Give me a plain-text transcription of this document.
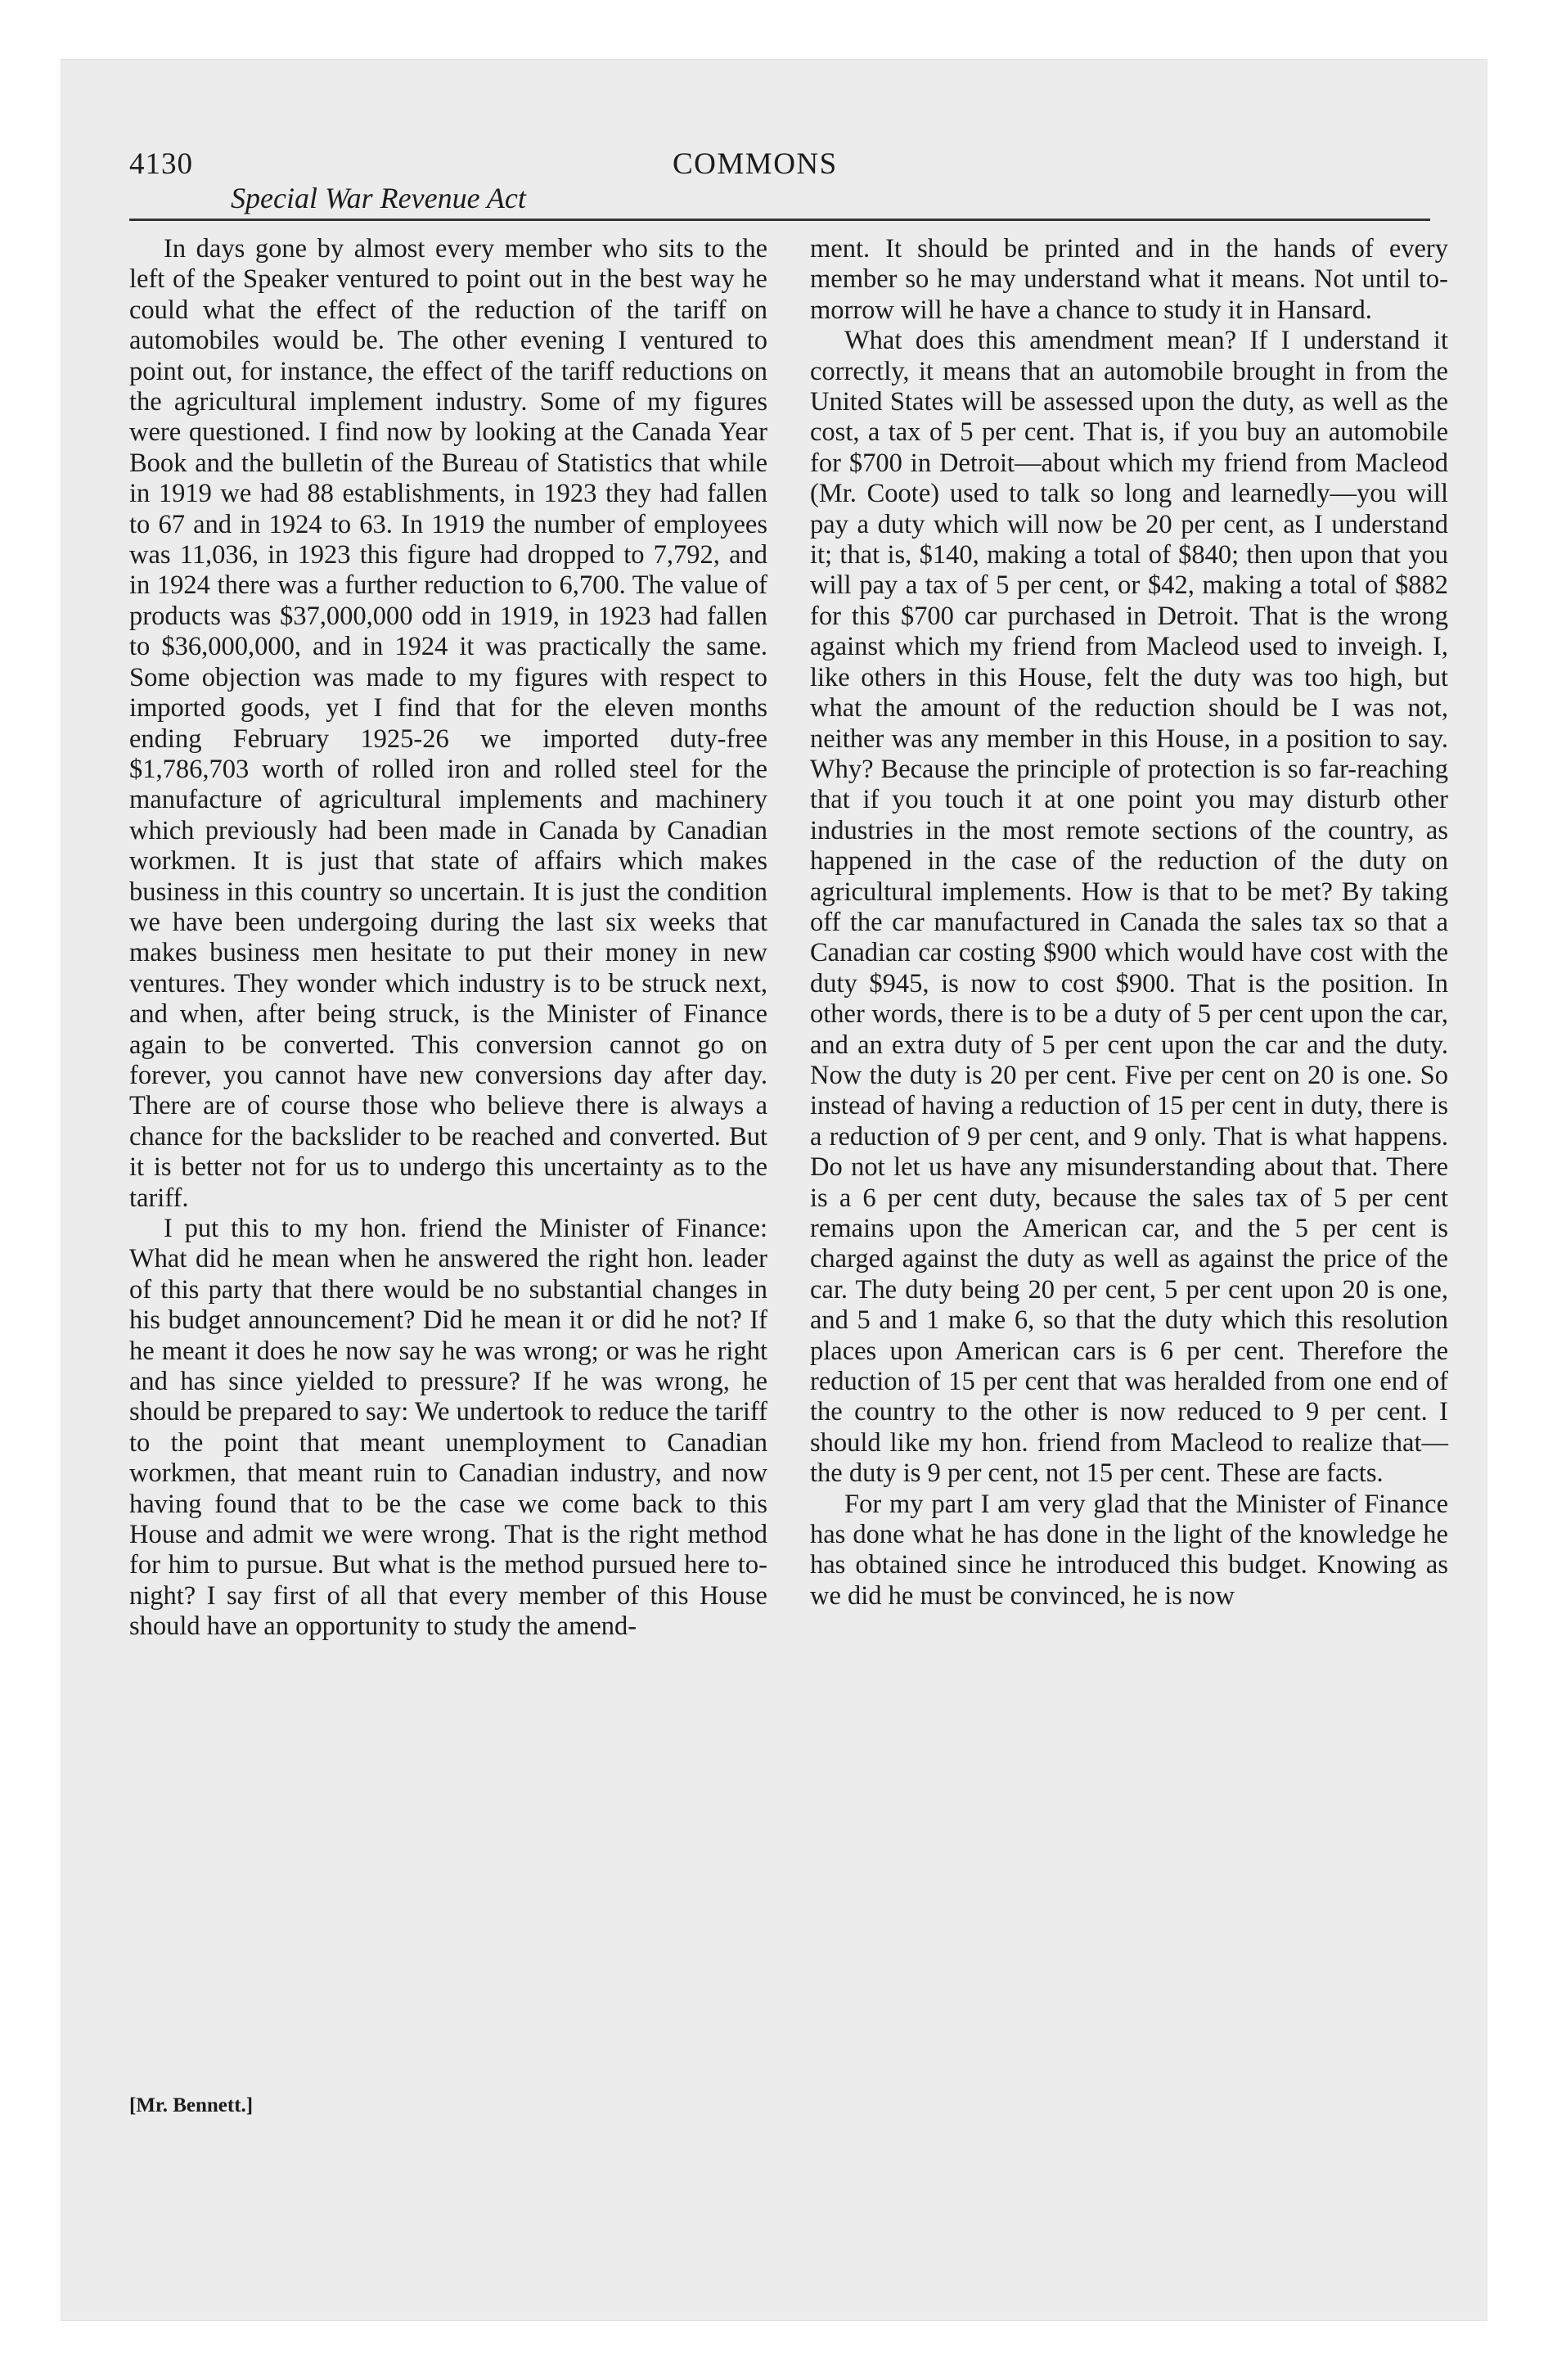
4130	COMMONS
Special War Revenue Act

In days gone by almost every member who sits to the left of the Speaker ventured to point out in the best way he could what the effect of the reduction of the tariff on automobiles would be. The other evening I ventured to point out, for instance, the effect of the tariff reductions on the agricultural implement industry. Some of my figures were questioned. I find now by looking at the Canada Year Book and the bulletin of the Bureau of Statistics that while in 1919 we had 88 establishments, in 1923 they had fallen to 67 and in 1924 to 63. In 1919 the number of employees was 11,036, in 1923 this figure had dropped to 7,792, and in 1924 there was a further reduction to 6,700. The value of products was $37,000,000 odd in 1919, in 1923 had fallen to $36,000,000, and in 1924 it was practically the same. Some objection was made to my figures with respect to imported goods, yet I find that for the eleven months ending February 1925-26 we imported duty-free $1,786,703 worth of rolled iron and rolled steel for the manufacture of agricultural implements and machinery which previously had been made in Canada by Canadian workmen. It is just that state of affairs which makes business in this country so uncertain. It is just the condition we have been undergoing during the last six weeks that makes business men hesitate to put their money in new ventures. They wonder which industry is to be struck next, and when, after being struck, is the Minister of Finance again to be converted. This conversion cannot go on forever, you cannot have new conversions day after day. There are of course those who believe there is always a chance for the backslider to be reached and converted. But it is better not for us to undergo this uncertainty as to the tariff.

I put this to my hon. friend the Minister of Finance: What did he mean when he answered the right hon. leader of this party that there would be no substantial changes in his budget announcement? Did he mean it or did he not? If he meant it does he now say he was wrong; or was he right and has since yielded to pressure? If he was wrong, he should be prepared to say: We undertook to reduce the tariff to the point that meant unemployment to Canadian workmen, that meant ruin to Canadian industry, and now having found that to be the case we come back to this House and admit we were wrong. That is the right method for him to pursue. But what is the method pursued here to-night? I say first of all that every member of this House should have an opportunity to study the amend-

ment. It should be printed and in the hands of every member so he may understand what it means. Not until to-morrow will he have a chance to study it in Hansard.

What does this amendment mean? If I understand it correctly, it means that an automobile brought in from the United States will be assessed upon the duty, as well as the cost, a tax of 5 per cent. That is, if you buy an automobile for $700 in Detroit—about which my friend from Macleod (Mr. Coote) used to talk so long and learnedly—you will pay a duty which will now be 20 per cent, as I understand it; that is, $140, making a total of $840; then upon that you will pay a tax of 5 per cent, or $42, making a total of $882 for this $700 car purchased in Detroit. That is the wrong against which my friend from Macleod used to inveigh. I, like others in this House, felt the duty was too high, but what the amount of the reduction should be I was not, neither was any member in this House, in a position to say. Why? Because the principle of protection is so far-reaching that if you touch it at one point you may disturb other industries in the most remote sections of the country, as happened in the case of the reduction of the duty on agricultural implements. How is that to be met? By taking off the car manufactured in Canada the sales tax so that a Canadian car costing $900 which would have cost with the duty $945, is now to cost $900. That is the position. In other words, there is to be a duty of 5 per cent upon the car, and an extra duty of 5 per cent upon the car and the duty. Now the duty is 20 per cent. Five per cent on 20 is one. So instead of having a reduction of 15 per cent in duty, there is a reduction of 9 per cent, and 9 only. That is what happens. Do not let us have any misunderstanding about that. There is a 6 per cent duty, because the sales tax of 5 per cent remains upon the American car, and the 5 per cent is charged against the duty as well as against the price of the car. The duty being 20 per cent, 5 per cent upon 20 is one, and 5 and 1 make 6, so that the duty which this resolution places upon American cars is 6 per cent. Therefore the reduction of 15 per cent that was heralded from one end of the country to the other is now reduced to 9 per cent. I should like my hon. friend from Macleod to realize that—the duty is 9 per cent, not 15 per cent. These are facts.

For my part I am very glad that the Minister of Finance has done what he has done in the light of the knowledge he has obtained since he introduced this budget. Knowing as we did he must be convinced, he is now

[Mr. Bennett.]
